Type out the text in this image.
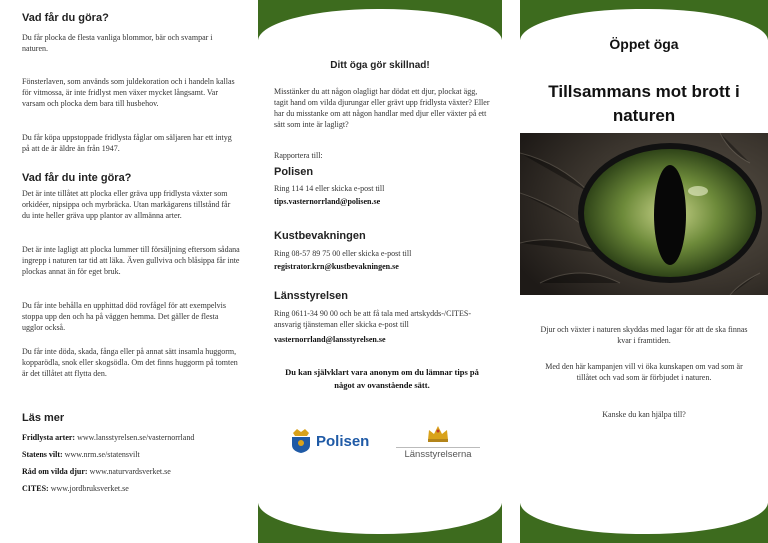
Vad får du göra?
Du får plocka de flesta vanliga blommor, bär och svampar i naturen.
Fönsterlaven, som används som juldekoration och i handeln kallas för vitmossa, är inte fridlyst men växer mycket långsamt. Var varsam och plocka dem bara till husbehov.
Du får köpa uppstoppade fridlysta fåglar om säljaren har ett intyg på att de är äldre än från 1947.
Vad får du inte göra?
Det är inte tillåtet att plocka eller gräva upp fridlysta växter som orkidéer, nipsippa och myrbräcka. Utan markägarens tillstånd får du inte heller gräva upp plantor av allmänna arter.
Det är inte lagligt att plocka lummer till försäljning eftersom sådana ingrepp i naturen tar tid att läka. Även gullviva och blåsippa får inte plockas annat än för eget bruk.
Du får inte behålla en upphittad död rovfågel för att exempelvis stoppa upp den och ha på väggen hemma. Det gäller de flesta ugglor också.
Du får inte döda, skada, fånga eller på annat sätt insamla huggorm, kopparödla, snok eller skogsödla. Om det finns huggorm på tomten är det tillåtet att flytta den.
Läs mer
Fridlysta arter: www.lansstyrelsen.se/vasternorrland
Statens vilt: www.nrm.se/statensvilt
Råd om vilda djur: www.naturvardsverket.se
CITES: www.jordbruksverket.se
Ditt öga gör skillnad!
Misstänker du att någon olagligt har dödat ett djur, plockat ägg, tagit hand om vilda djurungar eller grävt upp fridlysta växter? Eller har du misstanke om att någon handlar med djur eller växter på ett sätt som inte är lagligt?
Rapportera till:
Polisen
Ring 114 14 eller skicka e-post till
tips.vasternorrland@polisen.se
Kustbevakningen
Ring 08-57 89 75 00 eller skicka e-post till
registrator.krn@kustbevakningen.se
Länsstyrelsen
Ring 0611-34 90 00 och be att få tala med artskydds-/CITES-ansvarig tjänsteman eller skicka e-post till
vasternorrland@lansstyrelsen.se
Du kan självklart vara anonym om du lämnar tips på något av ovanstående sätt.
Polisen
Länsstyrelserna
Öppet öga
Tillsammans mot brott i naturen
Djur och växter i naturen skyddas med lagar för att de ska finnas kvar i framtiden.
Med den här kampanjen vill vi öka kunskapen om vad som är tillåtet och vad som är förbjudet i naturen.
Kanske du kan hjälpa till?
